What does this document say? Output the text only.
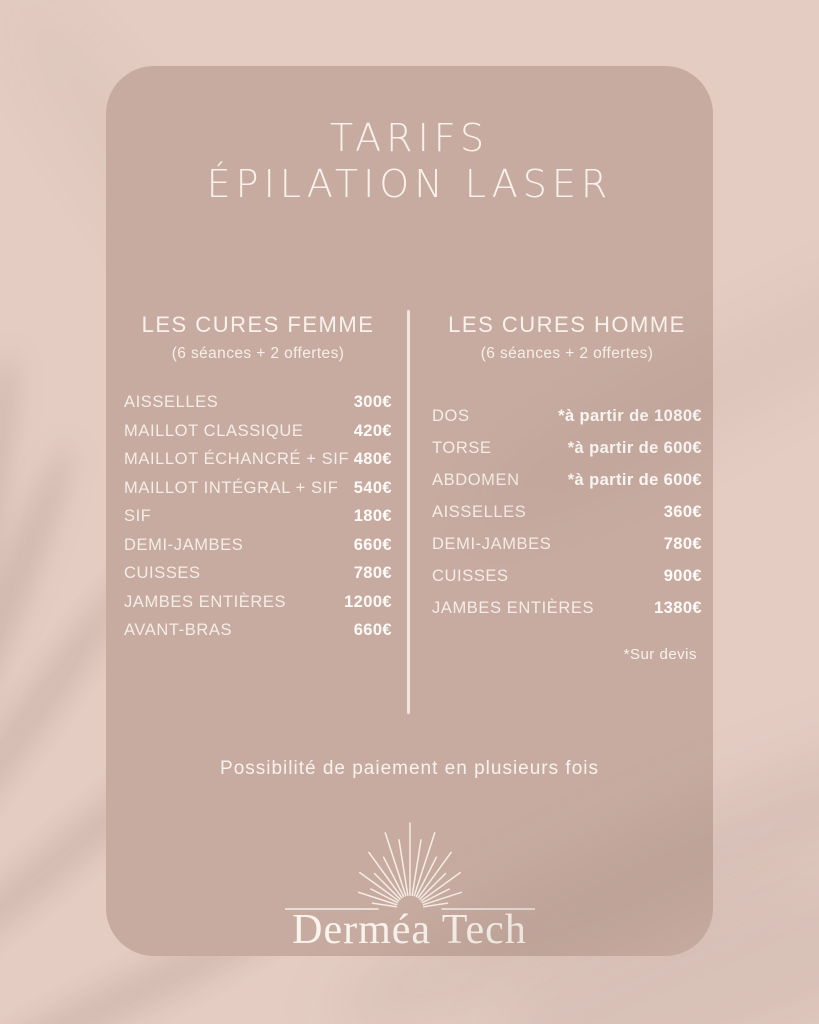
TARIFS
ÉPILATION LASER
LES CURES FEMME
(6 séances + 2 offertes)
AISSELLES	300€
MAILLOT CLASSIQUE	420€
MAILLOT ÉCHANCRÉ + SIF 480€
MAILLOT INTÉGRAL + SIF 540€
SIF	180€
DEMI-JAMBES	660€
CUISSES	780€
JAMBES ENTIÈRES	1200€
AVANT-BRAS	660€
LES CURES HOMME
(6 séances + 2 offertes)
DOS	*à partir de 1080€
TORSE	*à partir de 600€
ABDOMEN	*à partir de 600€
AISSELLES	360€
DEMI-JAMBES	780€
CUISSES	900€
JAMBES ENTIÈRES	1380€
*Sur devis
Possibilité de paiement en plusieurs fois
Derméa Tech
